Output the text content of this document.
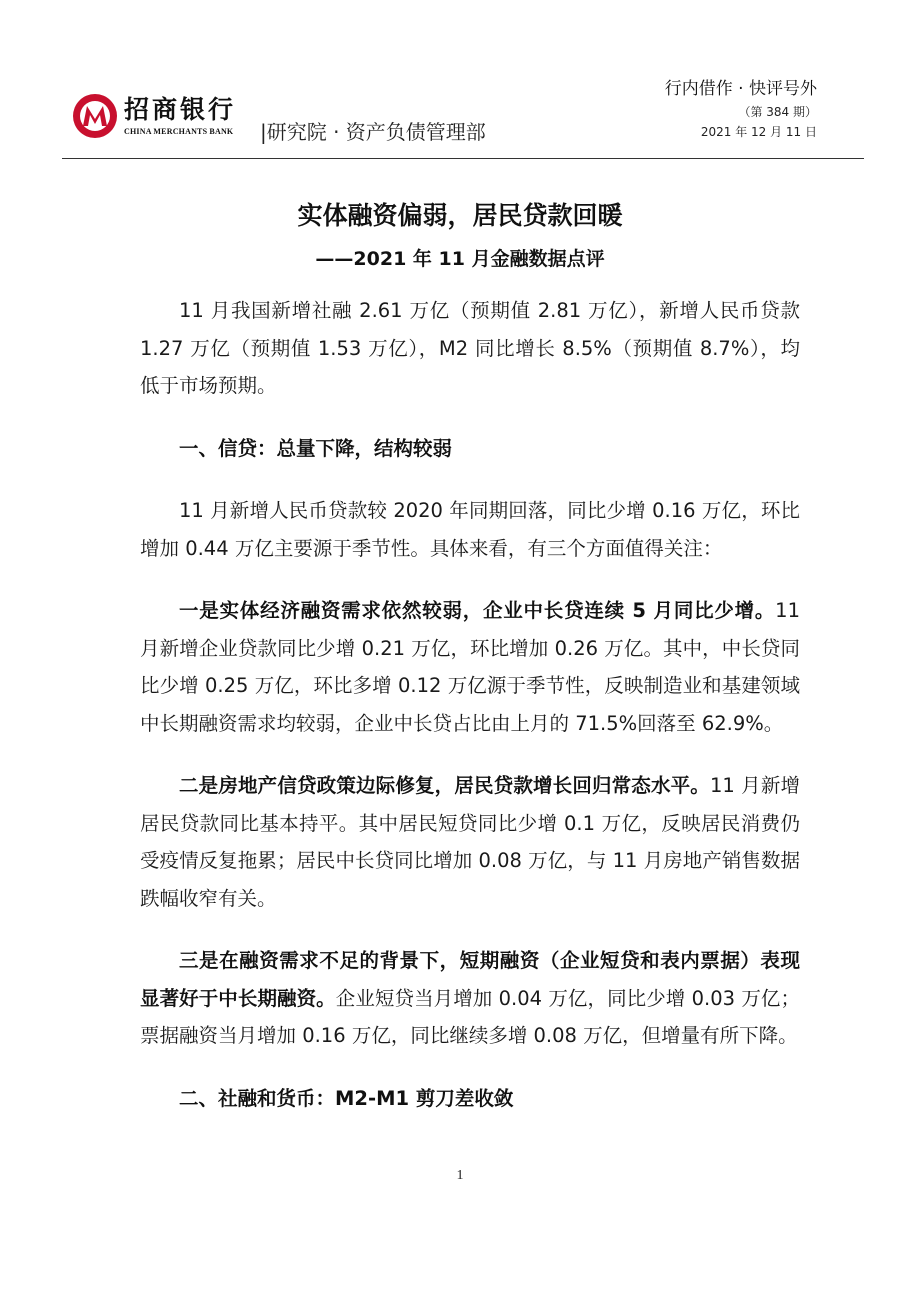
招商银行
CHINA MERCHANTS BANK |研究院 · 资产负债管理部
行内借作 · 快评号外
（第 384 期）
2021 年 12 月 11 日
实体融资偏弱，居民贷款回暖
——2021 年 11 月金融数据点评

11 月我国新增社融 2.61 万亿（预期值 2.81 万亿），新增人民币贷款 1.27 万亿（预期值 1.53 万亿），M2 同比增长 8.5%（预期值 8.7%），均低于市场预期。

一、信贷：总量下降，结构较弱

11 月新增人民币贷款较 2020 年同期回落，同比少增 0.16 万亿，环比增加 0.44 万亿主要源于季节性。具体来看，有三个方面值得关注：

一是实体经济融资需求依然较弱，企业中长贷连续 5 月同比少增。11 月新增企业贷款同比少增 0.21 万亿，环比增加 0.26 万亿。其中，中长贷同比少增 0.25 万亿，环比多增 0.12 万亿源于季节性，反映制造业和基建领域中长期融资需求均较弱，企业中长贷占比由上月的 71.5%回落至 62.9%。

二是房地产信贷政策边际修复，居民贷款增长回归常态水平。11 月新增居民贷款同比基本持平。其中居民短贷同比少增 0.1 万亿，反映居民消费仍受疫情反复拖累；居民中长贷同比增加 0.08 万亿，与 11 月房地产销售数据跌幅收窄有关。

三是在融资需求不足的背景下，短期融资（企业短贷和表内票据）表现显著好于中长期融资。企业短贷当月增加 0.04 万亿，同比少增 0.03 万亿；票据融资当月增加 0.16 万亿，同比继续多增 0.08 万亿，但增量有所下降。

二、社融和货币：M2-M1 剪刀差收敛

1
